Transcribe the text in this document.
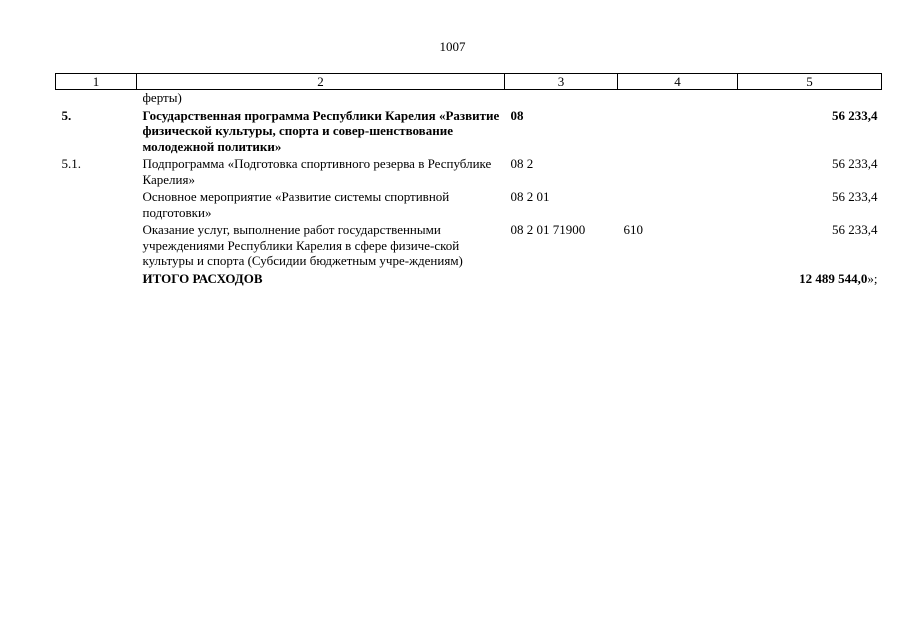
1007
1	2	3	4	5
	ферты)			
5.	Государственная программа Республики Карелия «Развитие физической культуры, спорта и совер-шенствование молодежной политики»	08		56 233,4
5.1.	Подпрограмма «Подготовка спортивного резерва в Республике Карелия»	08 2		56 233,4
	Основное мероприятие «Развитие системы спортивной подготовки»	08 2 01		56 233,4
	Оказание услуг, выполнение работ государственными учреждениями Республики Карелия в сфере физиче-ской культуры и спорта (Субсидии бюджетным учре-ждениям)	08 2 01 71900	610	56 233,4
	ИТОГО РАСХОДОВ			12 489 544,0»;
